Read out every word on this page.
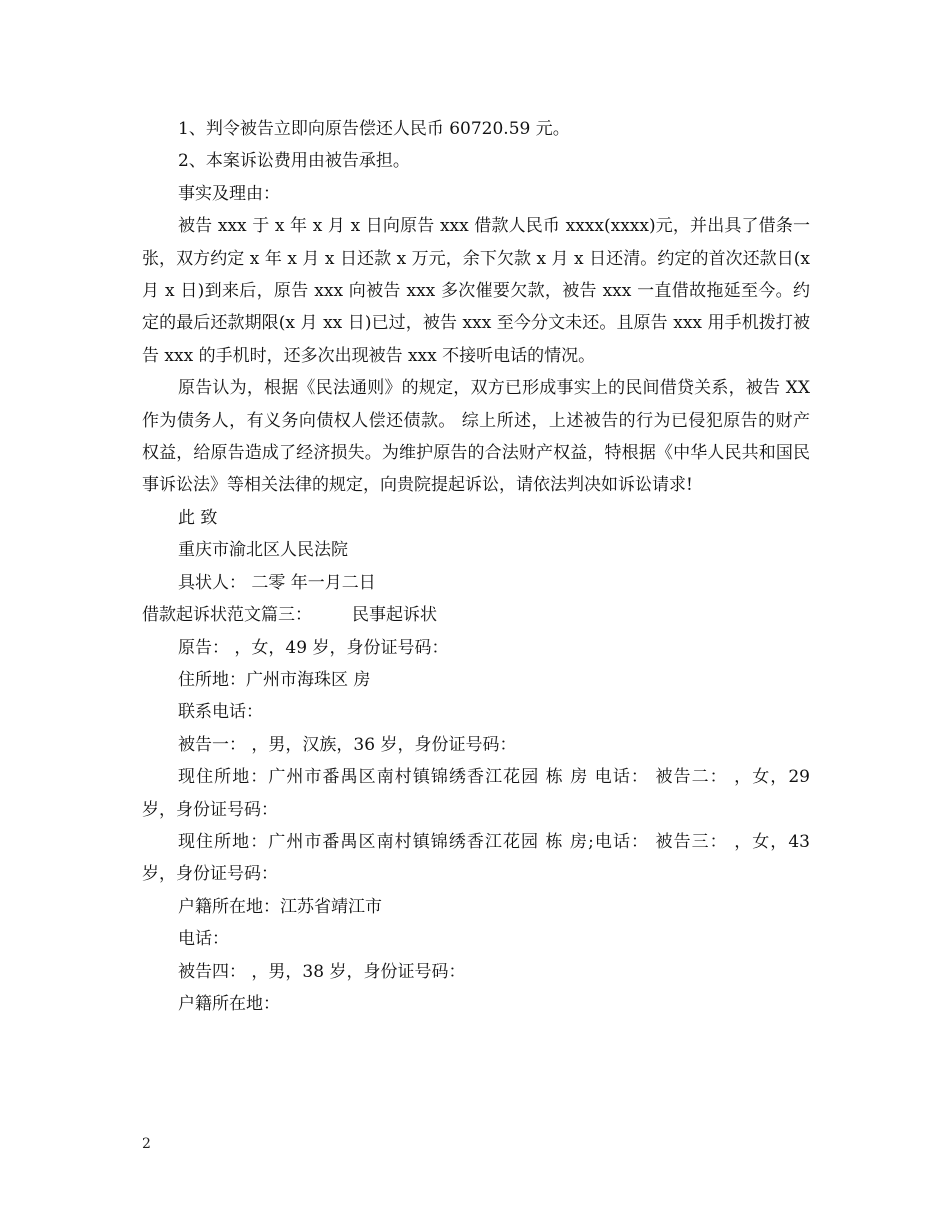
1、判令被告立即向原告偿还人民币 60720.59 元。

2、本案诉讼费用由被告承担。

事实及理由：

被告 xxx 于 x 年 x 月 x 日向原告 xxx 借款人民币 xxxx(xxxx)元，并出具了借条一张，双方约定 x 年 x 月 x 日还款 x 万元，余下欠款 x 月 x 日还清。约定的首次还款日(x 月 x 日)到来后，原告 xxx 向被告 xxx 多次催要欠款，被告 xxx 一直借故拖延至今。约定的最后还款期限(x 月 xx 日)已过，被告 xxx 至今分文未还。且原告 xxx 用手机拨打被告 xxx 的手机时，还多次出现被告 xxx 不接听电话的情况。

原告认为，根据《民法通则》的规定，双方已形成事实上的民间借贷关系，被告 XX 作为债务人，有义务向债权人偿还债款。 综上所述，上述被告的行为已侵犯原告的财产权益，给原告造成了经济损失。为维护原告的合法财产权益，特根据《中华人民共和国民事诉讼法》等相关法律的规定，向贵院提起诉讼，请依法判决如诉讼请求!

此 致

重庆市渝北区人民法院

具状人： 二零 年一月二日

借款起诉状范文篇三： 民事起诉状

原告： ，女，49 岁，身份证号码：

住所地：广州市海珠区 房

联系电话：

被告一： ，男，汉族，36 岁，身份证号码：

现住所地：广州市番禺区南村镇锦绣香江花园 栋 房 电话： 被告二： ，女，29 岁，身份证号码：

现住所地：广州市番禺区南村镇锦绣香江花园 栋 房;电话： 被告三： ，女，43 岁，身份证号码：

户籍所在地：江苏省靖江市

电话：

被告四： ，男，38 岁，身份证号码：

户籍所在地：

2
